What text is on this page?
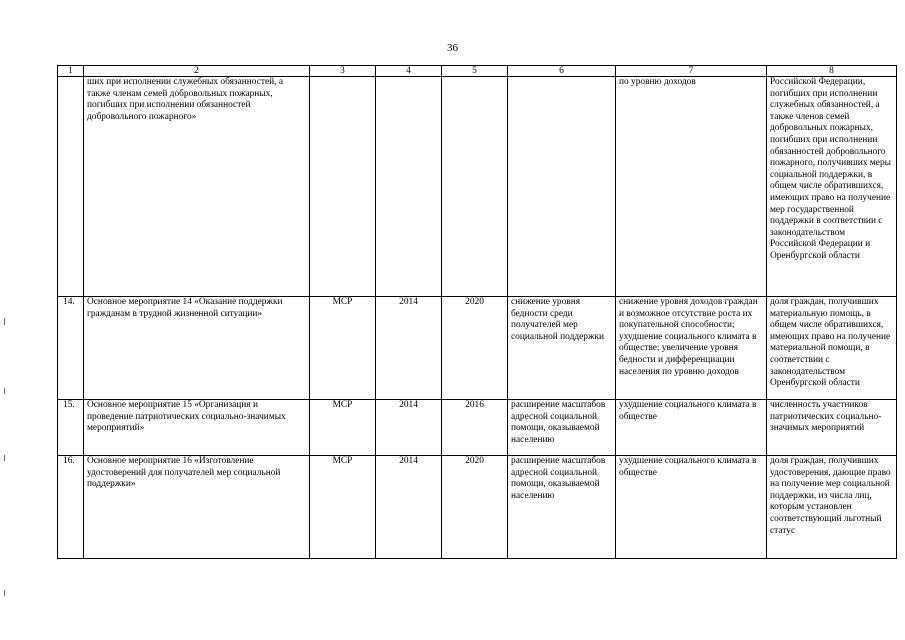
36
1	2	3	4	5	6	7	8
	ших при исполнении служебных обязанностей, а также членам семей добровольных пожарных, погибших при исполнении обязанностей добровольного пожарного»					по уровню доходов	Российской Федерации, погибших при исполнении служебных обязанностей, а также членов семей добровольных пожарных, погибших при исполнении обязанностей добровольного пожарного, получивших меры социальной поддержки, в общем числе обратившихся, имеющих право на получение мер государственной поддержки в соответствии с законодательством Российской Федерации и Оренбургской области
14.	Основное мероприятие 14 «Оказание поддержки гражданам в трудной жизненной ситуации»	МСР	2014	2020	снижение уровня бедности среди получателей мер социальной поддержки	снижение уровня доходов граждан и возможное отсутствие роста их покупательной способности; ухудшение социального климата в обществе; увеличение уровня бедности и дифференциации населения по уровню доходов	доля граждан, получивших материальную помощь, в общем числе обратившихся, имеющих право на получение материальной помощи, в соответствии с законодательством Оренбургской области
15.	Основное мероприятие 15 «Организация и проведение патриотических социально-значимых мероприятий»	МСР	2014	2016	расширение масштабов адресной социальной помощи, оказываемой населению	ухудшение социального климата в обществе	численность участников патриотических социально-значимых мероприятий
16.	Основное мероприятие 16 «Изготовление удостоверений для получателей мер социальной поддержки»	МСР	2014	2020	расширение масштабов адресной социальной помощи, оказываемой населению	ухудшение социального климата в обществе	доля граждан, получивших удостоверения, дающие право на получение мер социальной поддержки, из числа лиц, которым установлен соответствующий льготный статус
